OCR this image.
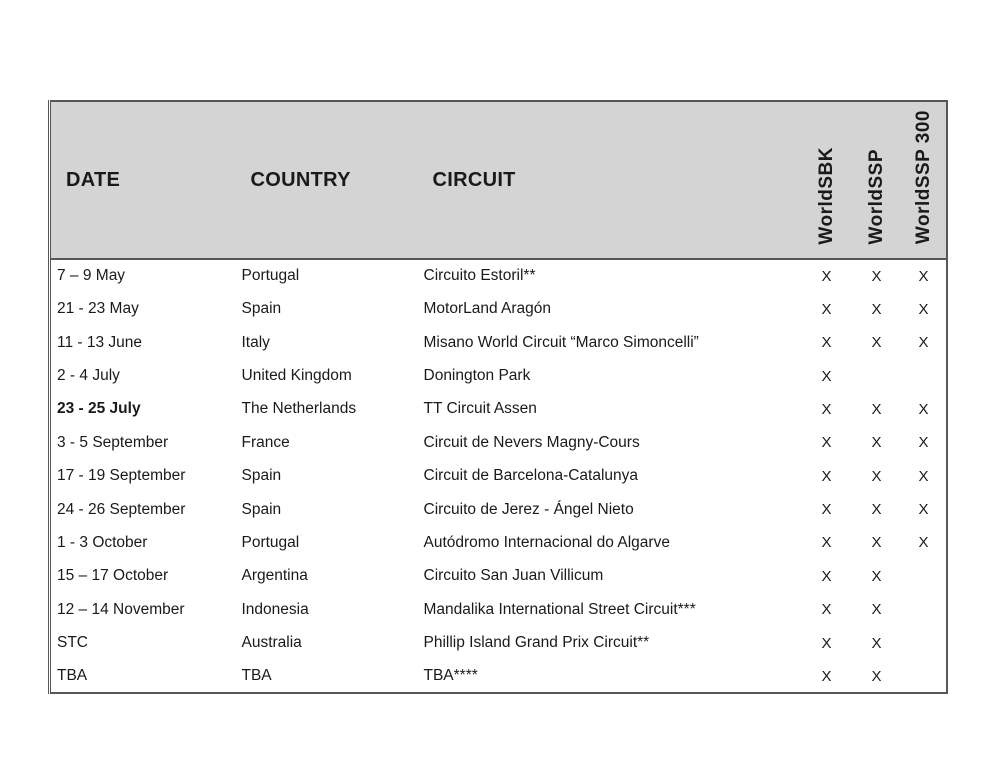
DATE	COUNTRY	CIRCUIT	WorldSBK	WorldSSP	WorldSSP 300
7 – 9 May	Portugal	Circuito Estoril**	X	X	X
21 - 23 May	Spain	MotorLand Aragón	X	X	X
11 - 13 June	Italy	Misano World Circuit “Marco Simoncelli”	X	X	X
2 - 4 July	United Kingdom	Donington Park	X		
23 - 25 July	The Netherlands	TT Circuit Assen	X	X	X
3 - 5 September	France	Circuit de Nevers Magny-Cours	X	X	X
17 - 19 September	Spain	Circuit de Barcelona-Catalunya	X	X	X
24 - 26 September	Spain	Circuito de Jerez - Ángel Nieto	X	X	X
1 - 3 October	Portugal	Autódromo Internacional do Algarve	X	X	X
15 – 17 October	Argentina	Circuito San Juan Villicum	X	X	
12 – 14 November	Indonesia	Mandalika International Street Circuit***	X	X	
STC	Australia	Phillip Island Grand Prix Circuit**	X	X	
TBA	TBA	TBA****	X	X	
